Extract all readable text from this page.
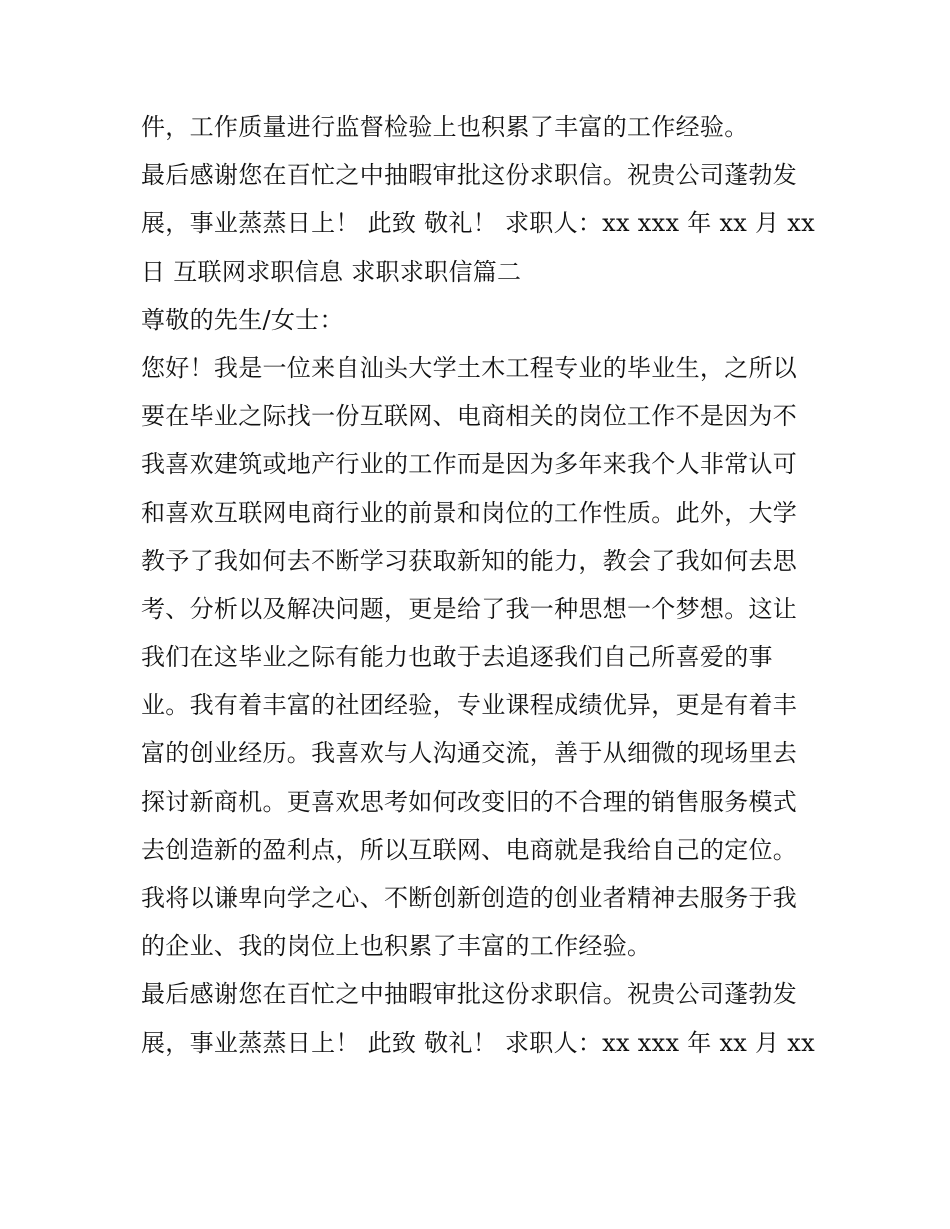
件，工作质量进行监督检验上也积累了丰富的工作经验。
最后感谢您在百忙之中抽暇审批这份求职信。祝贵公司蓬勃发
展，事业蒸蒸日上！ 此致 敬礼！ 求职人：xx xxx 年 xx 月 xx
日 互联网求职信息 求职求职信篇二
尊敬的先生/女士：
您好！我是一位来自汕头大学土木工程专业的毕业生，之所以
要在毕业之际找一份互联网、电商相关的岗位工作不是因为不
我喜欢建筑或地产行业的工作而是因为多年来我个人非常认可
和喜欢互联网电商行业的前景和岗位的工作性质。此外，大学
教予了我如何去不断学习获取新知的能力，教会了我如何去思
考、分析以及解决问题，更是给了我一种思想一个梦想。这让
我们在这毕业之际有能力也敢于去追逐我们自己所喜爱的事
业。我有着丰富的社团经验，专业课程成绩优异，更是有着丰
富的创业经历。我喜欢与人沟通交流，善于从细微的现场里去
探讨新商机。更喜欢思考如何改变旧的不合理的销售服务模式
去创造新的盈利点，所以互联网、电商就是我给自己的定位。
我将以谦卑向学之心、不断创新创造的创业者精神去服务于我
的企业、我的岗位上也积累了丰富的工作经验。
最后感谢您在百忙之中抽暇审批这份求职信。祝贵公司蓬勃发
展，事业蒸蒸日上！ 此致 敬礼！ 求职人：xx xxx 年 xx 月 xx
